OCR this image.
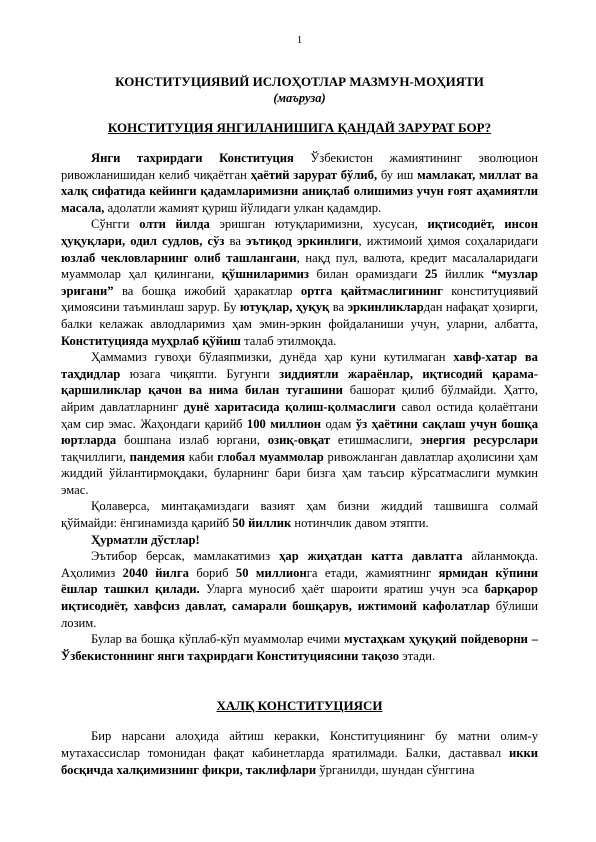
1
КОНСТИТУЦИЯВИЙ ИСЛОҲОТЛАР МАЗМУН-МОҲИЯТИ
(маъруза)
КОНСТИТУЦИЯ ЯНГИЛАНИШИГА ҚАНДАЙ ЗАРУРАТ БОР?

Янги тахрирдаги Конституция Ўзбекистон жамиятининг эволюцион ривожланишидан келиб чиқаётган ҳаётий зарурат бўлиб, бу иш мамлакат, миллат ва халқ сифатида кейинги қадамларимизни аниқлаб олишимиз учун ғоят аҳамиятли масала, адолатли жамият қуриш йўлидаги улкан қадамдир.

Сўнгги олти йилда эришган ютуқларимизни, хусусан, иқтисодиёт, инсон ҳуқуқлари, одил судлов, сўз ва эътиқод эркинлиги, ижтимоий ҳимоя соҳаларидаги юзлаб чекловларнинг олиб ташлангани, нақд пул, валюта, кредит масалаларидаги муаммолар ҳал қилингани, қўшниларимиз билан орамиздаги 25 йиллик “музлар эригани” ва бошқа ижобий ҳаракатлар ортга қайтмаслигининг конституциявий ҳимоясини таъминлаш зарур. Бу ютуқлар, ҳуқуқ ва эркинликлардан нафақат ҳозирги, балки келажак авлодларимиз ҳам эмин-эркин фойдаланиши учун, уларни, албатта, Конституцияда муҳрлаб қўйиш талаб этилмоқда.

Ҳаммамиз гувоҳи бўлаяпмизки, дунёда ҳар куни кутилмаган хавф-хатар ва таҳдидлар юзага чиқяпти. Бугунги зиддиятли жараёнлар, иқтисодий қарама-қаршиликлар қачон ва нима билан тугашини башорат қилиб бўлмайди. Ҳатто, айрим давлатларнинг дунё харитасида қолиш-қолмаслиги савол остида қолаётгани ҳам сир эмас. Жаҳондаги қарийб 100 миллион одам ўз ҳаётини сақлаш учун бошқа юртларда бошпана излаб юргани, озиқ-овқат етишмаслиги, энергия ресурслари тақчиллиги, пандемия каби глобал муаммолар ривожланган давлатлар аҳолисини ҳам жиддий ўйлантирмоқдаки, буларнинг бари бизга ҳам таъсир кўрсатмаслиги мумкин эмас.

Қолаверса, минтақамиздаги вазият ҳам бизни жиддий ташвишга солмай қўймайди: ёнгинамизда қарийб 50 йиллик нотинчлик давом этяпти.

Ҳурматли дўстлар!

Эътибор берсак, мамлакатимиз ҳар жиҳатдан катта давлатга айланмоқда. Аҳолимиз 2040 йилга бориб 50 миллионга етади, жамиятнинг ярмидан кўпини ёшлар ташкил қилади. Уларга муносиб ҳаёт шароити яратиш учун эса барқарор иқтисодиёт, хавфсиз давлат, самарали бошқарув, ижтимоий кафолатлар бўлиши лозим.

Булар ва бошқа кўплаб-кўп муаммолар ечими мустаҳкам ҳуқуқий пойдеворни – Ўзбекистоннинг янги таҳрирдаги Конституциясини тақозо этади.

ХАЛҚ КОНСТИТУЦИЯСИ

Бир нарсани алоҳида айтиш керакки, Конституциянинг бу матни олим-у мутахассислар томонидан фақат кабинетларда яратилмади. Балки, даставвал икки босқичда халқимизнинг фикри, таклифлари ўрганилди, шундан сўнггина
